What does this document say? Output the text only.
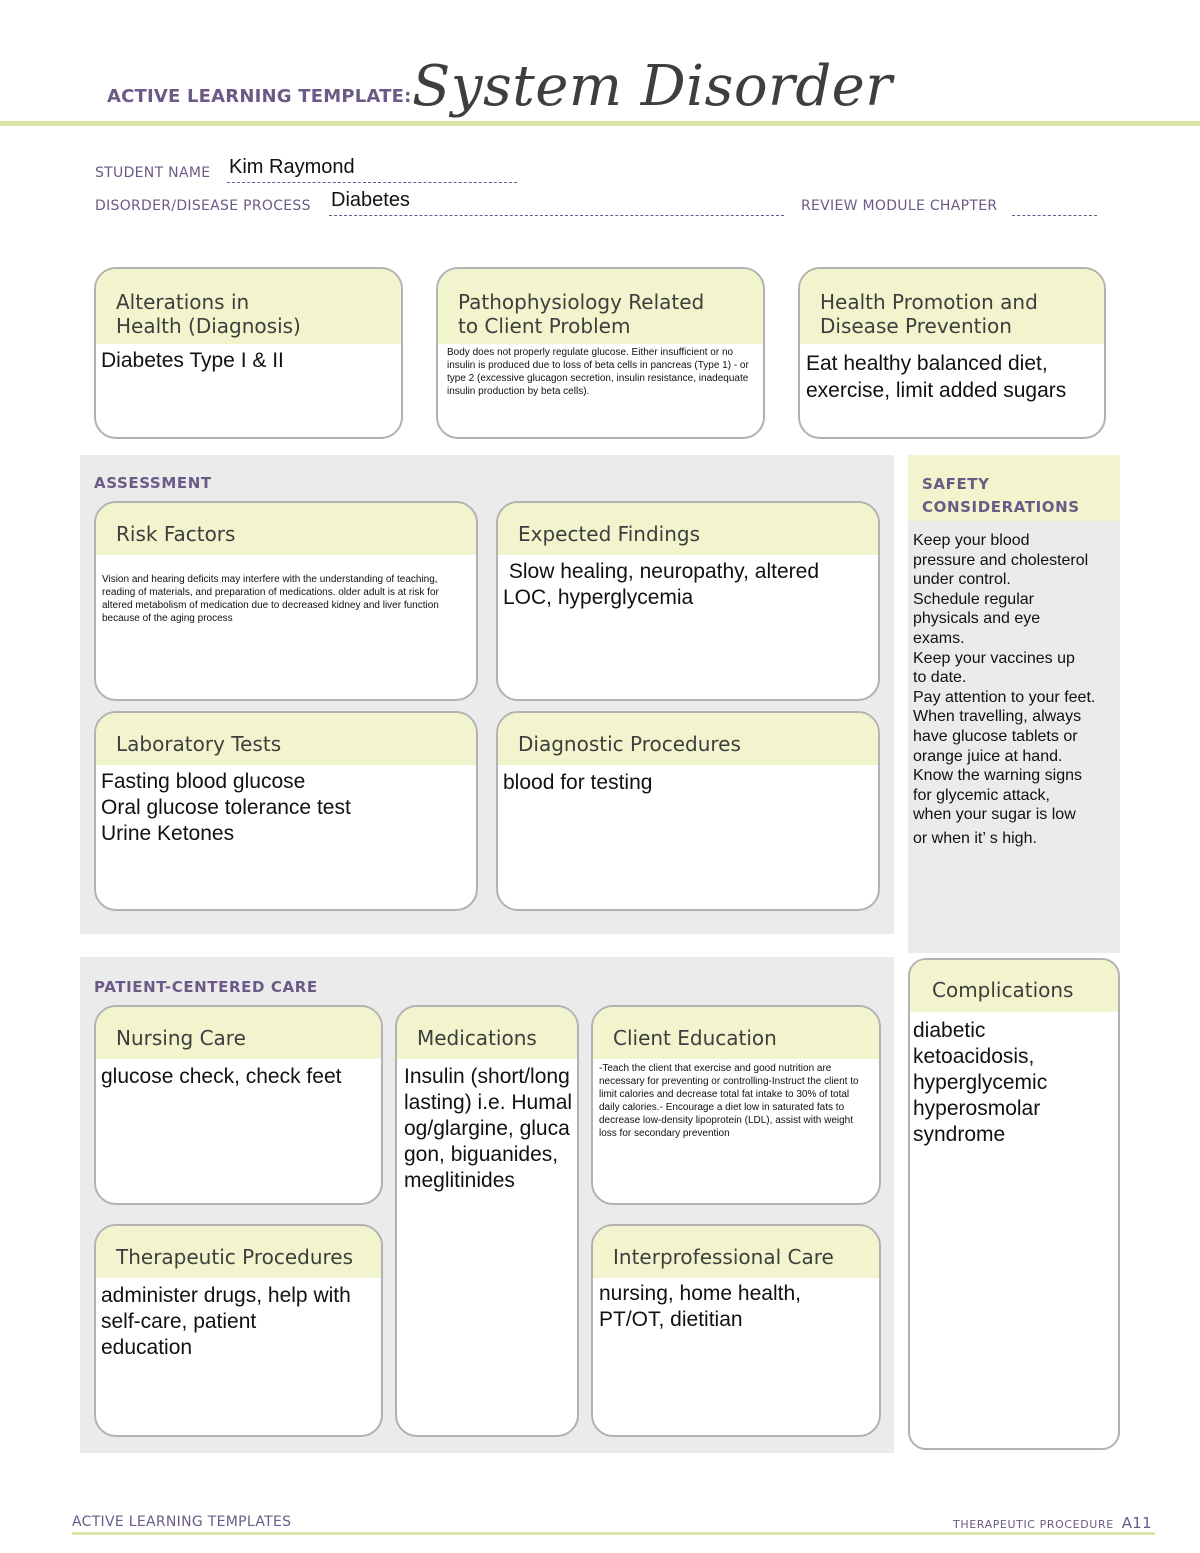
ACTIVE LEARNING TEMPLATE: System Disorder
STUDENT NAME Kim Raymond
DISORDER/DISEASE PROCESS Diabetes	REVIEW MODULE CHAPTER
Alterations in
Health (Diagnosis)
Diabetes Type I & II
Pathophysiology Related
to Client Problem
Body does not properly regulate glucose. Either insufficient or no insulin is produced due to loss of beta cells in pancreas (Type 1) - or type 2 (excessive glucagon secretion, insulin resistance, inadequate insulin production by beta cells).
Health Promotion and
Disease Prevention
Eat healthy balanced diet, exercise, limit added sugars
ASSESSMENT
Risk Factors
Vision and hearing deficits may interfere with the understanding of teaching, reading of materials, and preparation of medications. older adult is at risk for altered metabolism of medication due to decreased kidney and liver function because of the aging process
Expected Findings
Slow healing, neuropathy, altered LOC, hyperglycemia
Laboratory Tests
Fasting blood glucose
Oral glucose tolerance test
Urine Ketones
Diagnostic Procedures
blood for testing
SAFETY
CONSIDERATIONS
Keep your blood
pressure and cholesterol
under control.
Schedule regular
physicals and eye
exams.
Keep your vaccines up
to date.
Pay attention to your feet.
When travelling, always
have glucose tablets or
orange juice at hand.
Know the warning signs
for glycemic attack,
when your sugar is low
or when it’ s high.
PATIENT-CENTERED CARE
Nursing Care
glucose check, check feet
Medications
Insulin (short/long lasting) i.e. Humalog/glargine, glucagon, biguanides, meglitinides
Client Education
-Teach the client that exercise and good nutrition are necessary for preventing or controlling-Instruct the client to limit calories and decrease total fat intake to 30% of total daily calories.- Encourage a diet low in saturated fats to decrease low-density lipoprotein (LDL), assist with weight loss for secondary prevention
Therapeutic Procedures
administer drugs, help with self-care, patient education
Interprofessional Care
nursing, home health, PT/OT, dietitian
Complications
diabetic ketoacidosis, hyperglycemic hyperosmolar syndrome
ACTIVE LEARNING TEMPLATES	THERAPEUTIC PROCEDURE A11
